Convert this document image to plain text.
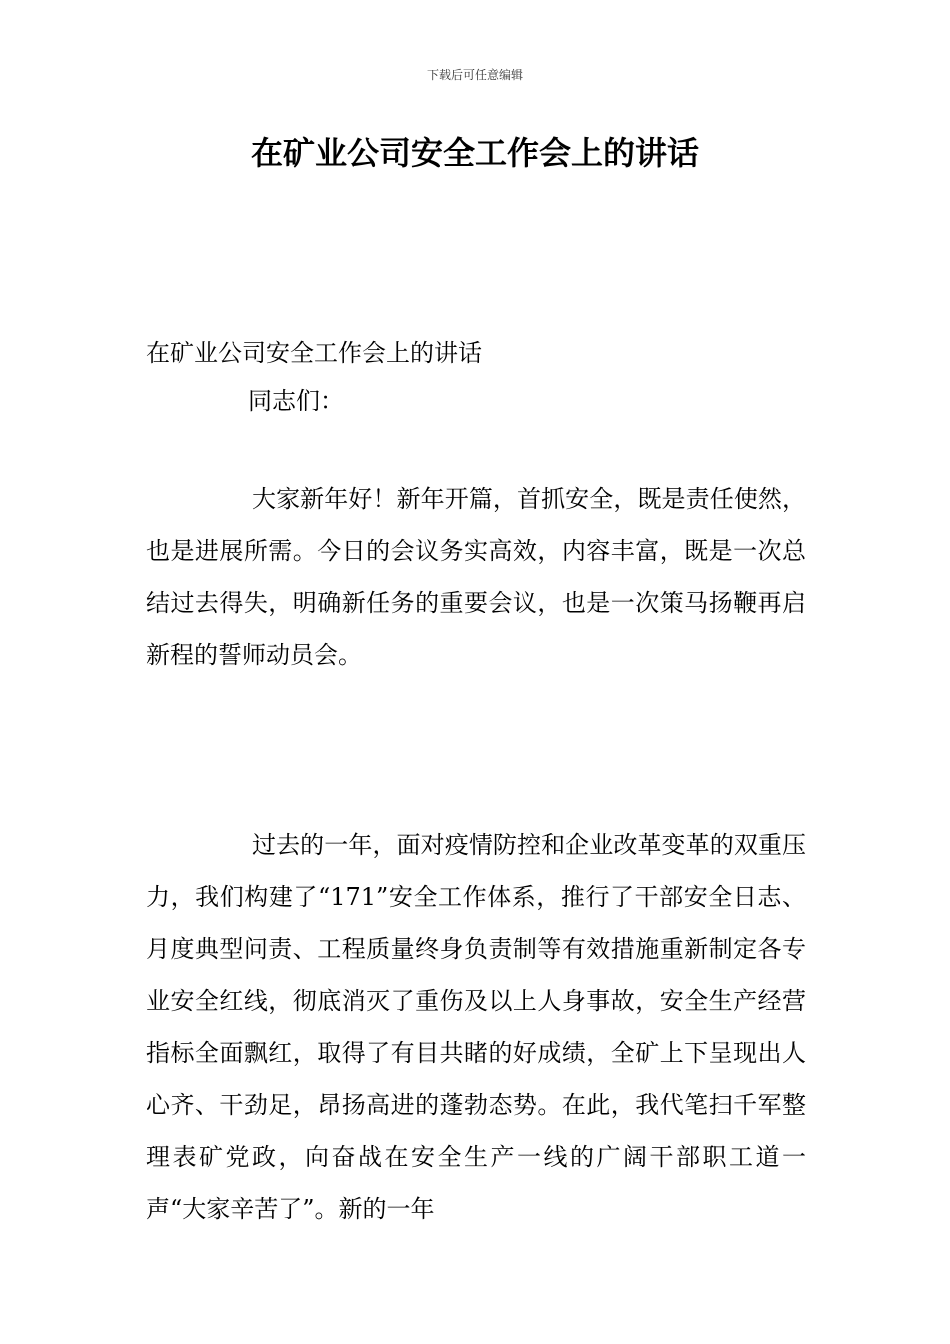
下载后可任意编辑
在矿业公司安全工作会上的讲话

在矿业公司安全工作会上的讲话

同志们：

大家新年好！新年开篇，首抓安全，既是责任使然，也是进展所需。今日的会议务实高效，内容丰富，既是一次总结过去得失，明确新任务的重要会议，也是一次策马扬鞭再启新程的誓师动员会。

过去的一年，面对疫情防控和企业改革变革的双重压力，我们构建了“171”安全工作体系，推行了干部安全日志、月度典型问责、工程质量终身负责制等有效措施重新制定各专业安全红线，彻底消灭了重伤及以上人身事故，安全生产经营指标全面飘红，取得了有目共睹的好成绩，全矿上下呈现出人心齐、干劲足，昂扬高进的蓬勃态势。在此，我代笔扫千军整理表矿党政，向奋战在安全生产一线的广阔干部职工道一声“大家辛苦了”。新的一年
